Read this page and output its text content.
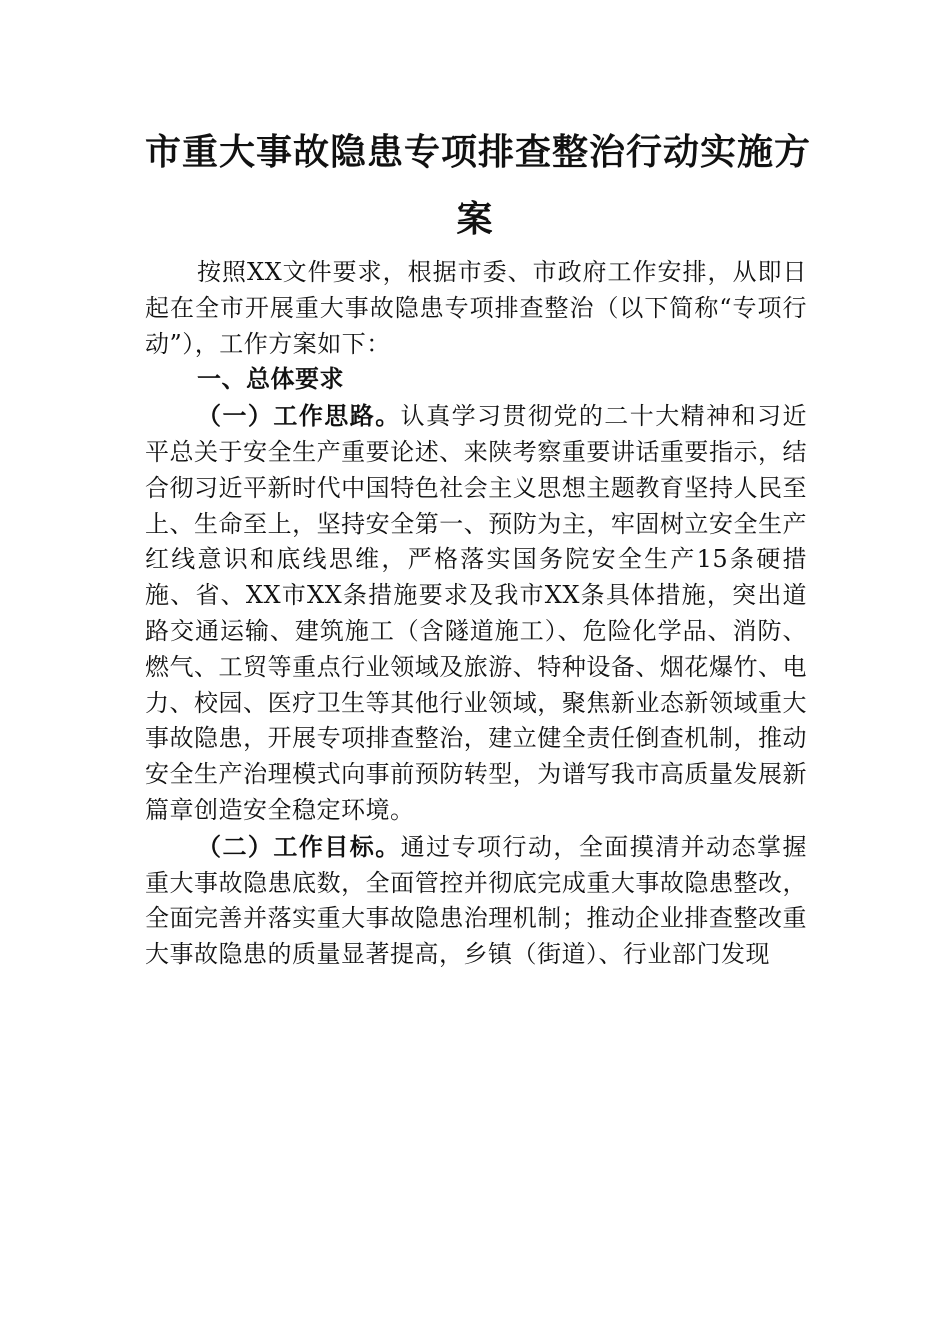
市重大事故隐患专项排查整治行动实施方
案

按照XX文件要求，根据市委、市政府工作安排，从即日起在全市开展重大事故隐患专项排查整治（以下简称“专项行动”），工作方案如下：

一、总体要求

（一）工作思路。认真学习贯彻党的二十大精神和习近平总关于安全生产重要论述、来陕考察重要讲话重要指示，结合彻习近平新时代中国特色社会主义思想主题教育坚持人民至上、生命至上，坚持安全第一、预防为主，牢固树立安全生产红线意识和底线思维，严格落实国务院安全生产15条硬措施、省、XX市XX条措施要求及我市XX条具体措施，突出道路交通运输、建筑施工（含隧道施工）、危险化学品、消防、燃气、工贸等重点行业领域及旅游、特种设备、烟花爆竹、电力、校园、医疗卫生等其他行业领域，聚焦新业态新领域重大事故隐患，开展专项排查整治，建立健全责任倒查机制，推动安全生产治理模式向事前预防转型，为谱写我市高质量发展新篇章创造安全稳定环境。

（二）工作目标。通过专项行动，全面摸清并动态掌握重大事故隐患底数，全面管控并彻底完成重大事故隐患整改，全面完善并落实重大事故隐患治理机制；推动企业排查整改重大事故隐患的质量显著提高，乡镇（街道）、行业部门发现
